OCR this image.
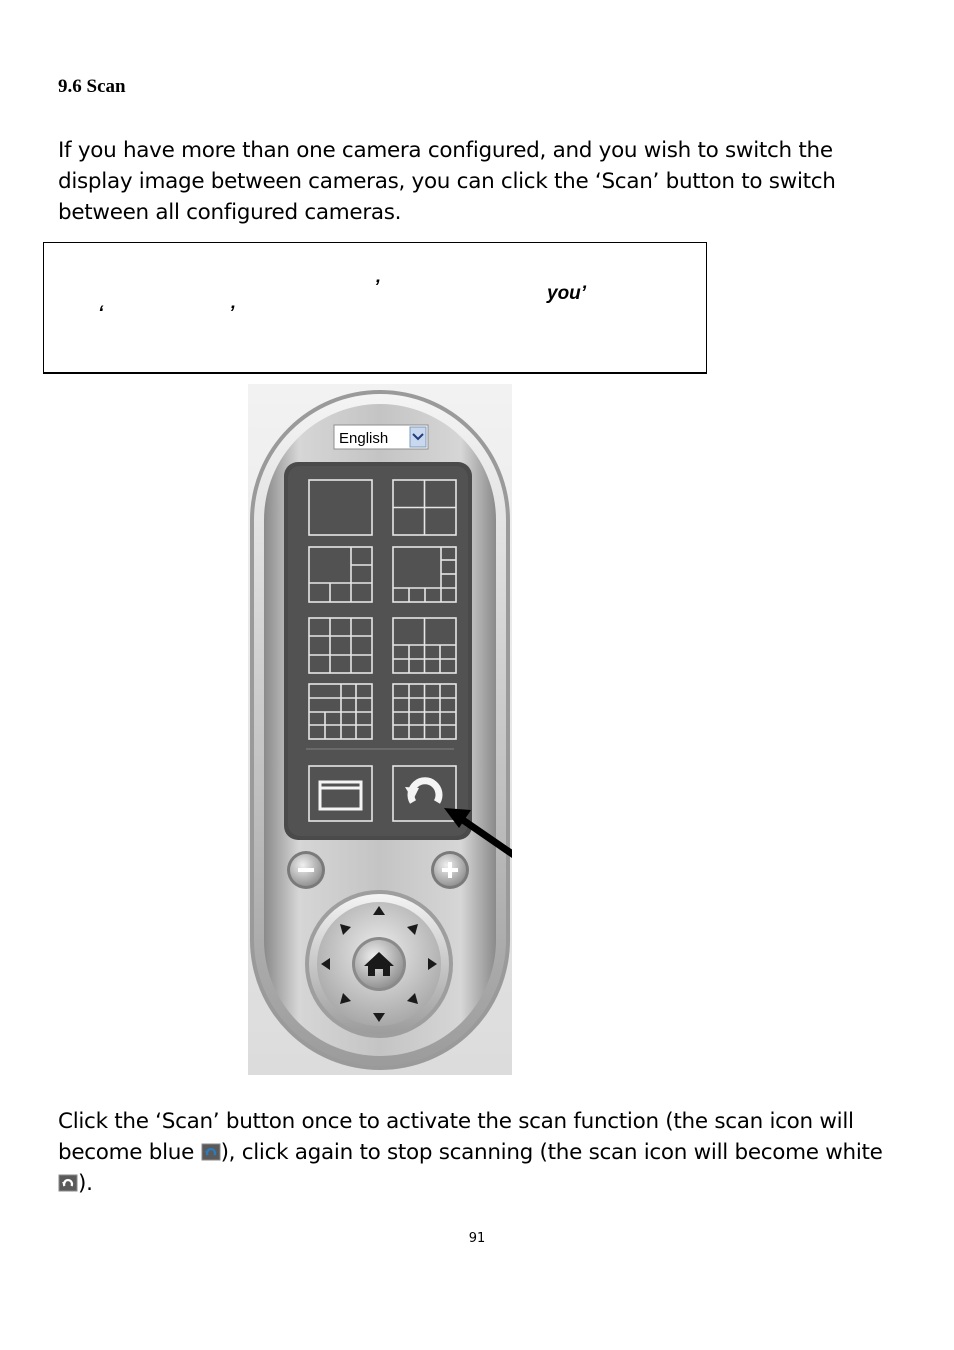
9.6 Scan
If you have more than one camera configured, and you wish to switch the display image between cameras, you can click the ‘Scan’ button to switch between all configured cameras.
’	you’
‘	’
English
Click the ‘Scan’ button once to activate the scan function (the scan icon will become blue
), click again to stop scanning (the scan icon will become white
).
91
